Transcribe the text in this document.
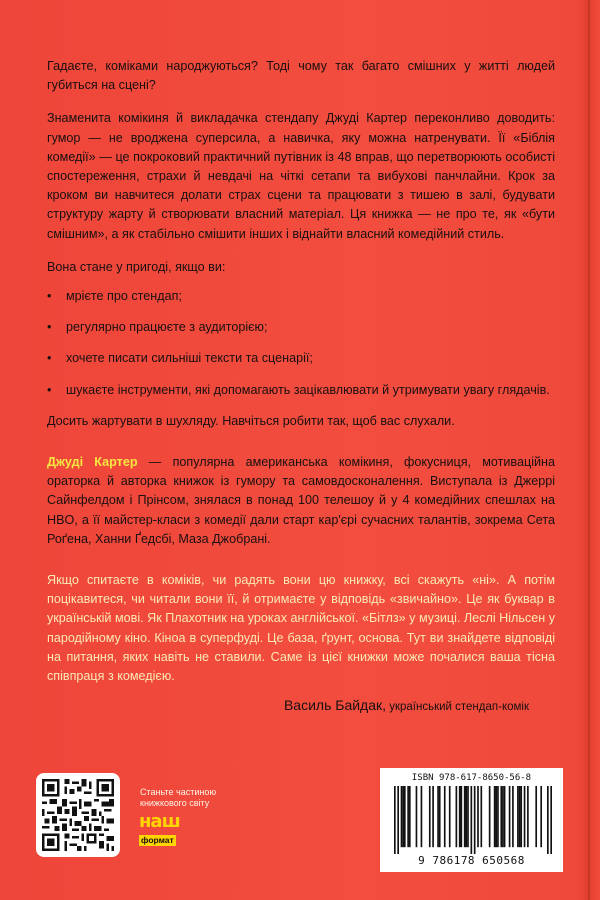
Гадаєте, коміками народжуються? Тоді чому так багато смішних у житті людей губиться на сцені?

Знаменита комікиня й викладачка стендапу Джуді Картер переконливо доводить: гумор — не вроджена суперсила, а навичка, яку можна натренувати. Її «Біблія комедії» — це покроковий практичний путівник із 48 вправ, що перетворюють особисті спостереження, страхи й невдачі на чіткі сетапи та вибухові панчлайни. Крок за кроком ви навчитеся долати страх сцени та працювати з тишею в залі, будувати структуру жарту й створювати власний матеріал. Ця книжка — не про те, як «бути смішним», а як стабільно смішити інших і віднайти власний комедійний стиль.

Вона стане у пригоді, якщо ви:

• мрієте про стендап;
• регулярно працюєте з аудиторією;
• хочете писати сильніші тексти та сценарії;
• шукаєте інструменти, які допомагають зацікавлювати й утримувати увагу глядачів.

Досить жартувати в шухляду. Навчіться робити так, щоб вас слухали.

Джуді Картер — популярна американська комікиня, фокусниця, мотиваційна ораторка й авторка книжок із гумору та самовдосконалення. Виступала із Джеррі Сайнфелдом і Прінсом, знялася в понад 100 телешоу й у 4 комедійних спешлах на HBO, а її майстер-класи з комедії дали старт кар'єрі сучасних талантів, зокрема Сета Роґена, Ханни Ґедсбі, Маза Джобрані.

Якщо спитаєте в коміків, чи радять вони цю книжку, всі скажуть «ні». А потім поцікавитеся, чи читали вони її, й отримаєте у відповідь «звичайно». Це як буквар в українській мові. Як Плахотник на уроках англійської. «Бітлз» у музиці. Леслі Нільсен у пародійному кіно. Кіноа в суперфуді. Це база, ґрунт, основа. Тут ви знайдете відповіді на питання, яких навіть не ставили. Саме із цієї книжки може почалися ваша тісна співпраця з комедією.

Василь Байдак, український стендап-комік
Станьте частиною
книжкового світу
наш
формат
ISBN 978-617-8650-56-8
9 786178 650568
